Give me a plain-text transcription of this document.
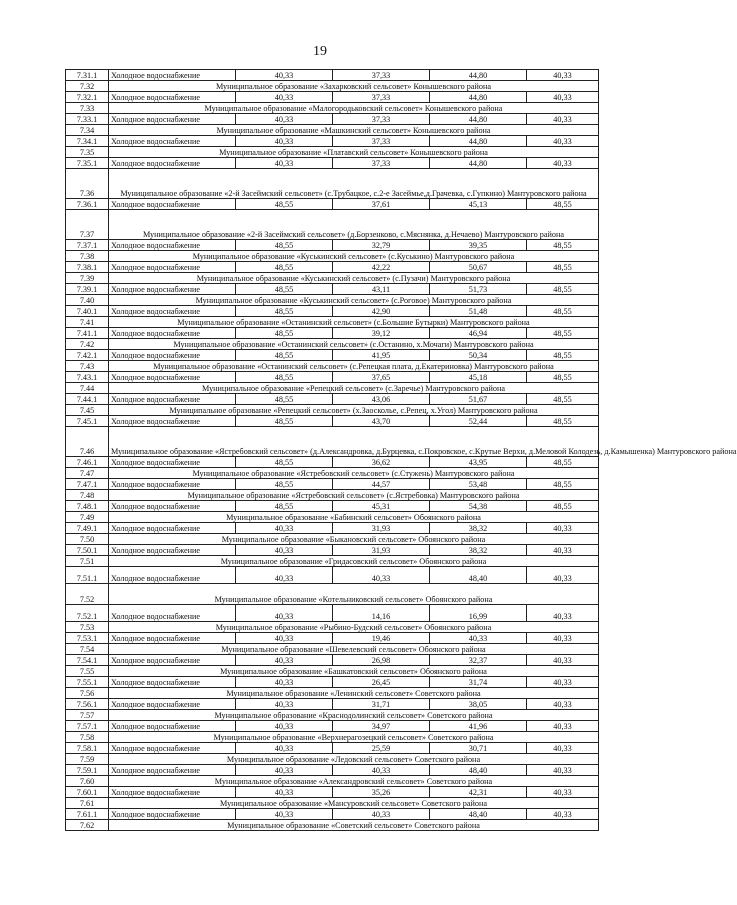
19
7.31.1	Холодное водоснабжение	40,33	37,33	44,80	40,33
7.32	Муниципальное образование «Захарковский сельсовет» Конышевского района				
7.32.1	Холодное водоснабжение	40,33	37,33	44,80	40,33
7.33	Муниципальное образование «Малогородьковский сельсовет» Конышевского района				
7.33.1	Холодное водоснабжение	40,33	37,33	44,80	40,33
7.34	Муниципальное образование «Машкинский сельсовет» Конышевского района				
7.34.1	Холодное водоснабжение	40,33	37,33	44,80	40,33
7.35	Муниципальное образование «Платавский сельсовет» Конышевского района				
7.35.1	Холодное водоснабжение	40,33	37,33	44,80	40,33
7.36	Муниципальное образование «2-й Засеймский сельсовет» (с.Трубацкое, с.2-е Засеймье,д.Грачевка, с.Гупкино) Мантуровского района				
7.36.1	Холодное водоснабжение	48,55	37,61	45,13	48,55
7.37	Муниципальное образование «2-й Засеймский сельсовет» (д.Борзенково, с.Мяснянка, д.Нечаево) Мантуровского района				
7.37.1	Холодное водоснабжение	48,55	32,79	39,35	48,55
7.38	Муниципальное образование «Куськинский сельсовет» (с.Куськино) Мантуровского района				
7.38.1	Холодное водоснабжение	48,55	42,22	50,67	48,55
7.39	Муниципальное образование «Куськинский сельсовет» (с.Пузачи) Мантуровского района				
7.39.1	Холодное водоснабжение	48,55	43,11	51,73	48,55
7.40	Муниципальное образование «Куськинский сельсовет» (с.Роговое) Мантуровского района				
7.40.1	Холодное водоснабжение	48,55	42,90	51,48	48,55
7.41	Муниципальное образование «Останинский сельсовет» (с.Большие Бутырки) Мантуровского района				
7.41.1	Холодное водоснабжение	48,55	39,12	46,94	48,55
7.42	Муниципальное образование «Останинский сельсовет» (с.Останино, х.Мочаги) Мантуровского района				
7.42.1	Холодное водоснабжение	48,55	41,95	50,34	48,55
7.43	Муниципальное образование «Останинский сельсовет» (с.Репецкая плата, д.Екатериновка) Мантуровского района				
7.43.1	Холодное водоснабжение	48,55	37,65	45,18	48,55
7.44	Муниципальное образование «Репецкий сельсовет» (с.Заречье) Мантуровского района				
7.44.1	Холодное водоснабжение	48,55	43,06	51,67	48,55
7.45	Муниципальное образование «Репецкий сельсовет» (х.Заосколье, с.Репец, х.Угол) Мантуровского района				
7.45.1	Холодное водоснабжение	48,55	43,70	52,44	48,55
7.46	Муниципальное образование «Ястребовский сельсовет» (д.Александровка, д.Бурцевка, с.Покровское, с.Крутые Верхи, д.Меловой Колодезь, д.Камышенка) Мантуровского района				
7.46.1	Холодное водоснабжение	48,55	36,62	43,95	48,55
7.47	Муниципальное образование «Ястребовский сельсовет» (с.Стужень) Мантуровского района				
7.47.1	Холодное водоснабжение	48,55	44,57	53,48	48,55
7.48	Муниципальное образование «Ястребовский сельсовет» (с.Ястребовка) Мантуровского района				
7.48.1	Холодное водоснабжение	48,55	45,31	54,38	48,55
7.49	Муниципальное образование «Бабинский сельсовет» Обоянского района				
7.49.1	Холодное водоснабжение	40,33	31,93	38,32	40,33
7.50	Муниципальное образование «Быкановский сельсовет» Обоянского района				
7.50.1	Холодное водоснабжение	40,33	31,93	38,32	40,33
7.51	Муниципальное образование «Гридасовский сельсовет» Обоянского района				
7.51.1	Холодное водоснабжение	40,33	40,33	48,40	40,33
7.52	Муниципальное образование «Котельниковский сельсовет» Обоянского района				
7.52.1	Холодное водоснабжение	40,33	14,16	16,99	40,33
7.53	Муниципальное образование «Рыбино-Будский сельсовет» Обоянского района				
7.53.1	Холодное водоснабжение	40,33	19,46	40,33	40,33
7.54	Муниципальное образование «Шевелевский сельсовет» Обоянского района				
7.54.1	Холодное водоснабжение	40,33	26,98	32,37	40,33
7.55	Муниципальное образование «Башкатовский сельсовет» Обоянского района				
7.55.1	Холодное водоснабжение	40,33	26,45	31,74	40,33
7.56	Муниципальное образование «Ленинский сельсовет» Советского района				
7.56.1	Холодное водоснабжение	40,33	31,71	38,05	40,33
7.57	Муниципальное образование «Краснодолинский сельсовет» Советского района				
7.57.1	Холодное водоснабжение	40,33	34,97	41,96	40,33
7.58	Муниципальное образование «Верхнерагозецкий сельсовет» Советского района				
7.58.1	Холодное водоснабжение	40,33	25,59	30,71	40,33
7.59	Муниципальное образование «Ледовский сельсовет» Советского района				
7.59.1	Холодное водоснабжение	40,33	40,33	48,40	40,33
7.60	Муниципальное образование «Александровский сельсовет» Советского района				
7.60.1	Холодное водоснабжение	40,33	35,26	42,31	40,33
7.61	Муниципальное образование «Мансуровский сельсовет» Советского района				
7.61.1	Холодное водоснабжение	40,33	40,33	48,40	40,33
7.62	Муниципальное образование «Советский сельсовет» Советского района				
